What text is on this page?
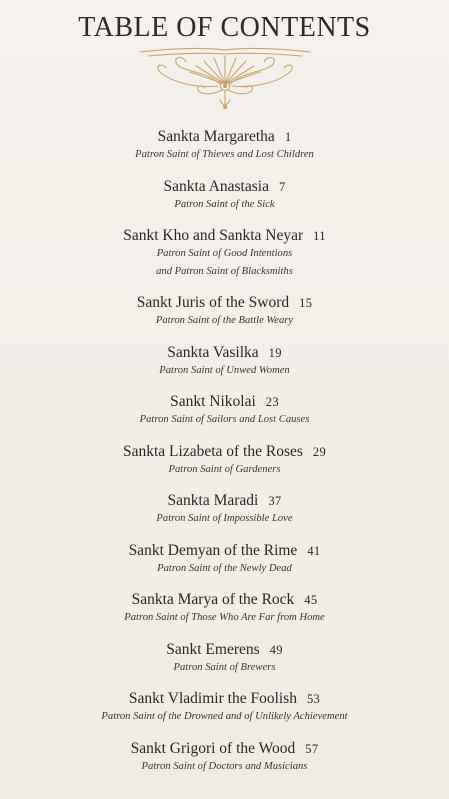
TABLE OF CONTENTS
Sankta Margaretha 1
Patron Saint of Thieves and Lost Children
Sankta Anastasia 7
Patron Saint of the Sick
Sankt Kho and Sankta Neyar 11
Patron Saint of Good Intentions
and Patron Saint of Blacksmiths
Sankt Juris of the Sword 15
Patron Saint of the Battle Weary
Sankta Vasilka 19
Patron Saint of Unwed Women
Sankt Nikolai 23
Patron Saint of Sailors and Lost Causes
Sankta Lizabeta of the Roses 29
Patron Saint of Gardeners
Sankta Maradi 37
Patron Saint of Impossible Love
Sankt Demyan of the Rime 41
Patron Saint of the Newly Dead
Sankta Marya of the Rock 45
Patron Saint of Those Who Are Far from Home
Sankt Emerens 49
Patron Saint of Brewers
Sankt Vladimir the Foolish 53
Patron Saint of the Drowned and of Unlikely Achievement
Sankt Grigori of the Wood 57
Patron Saint of Doctors and Musicians
